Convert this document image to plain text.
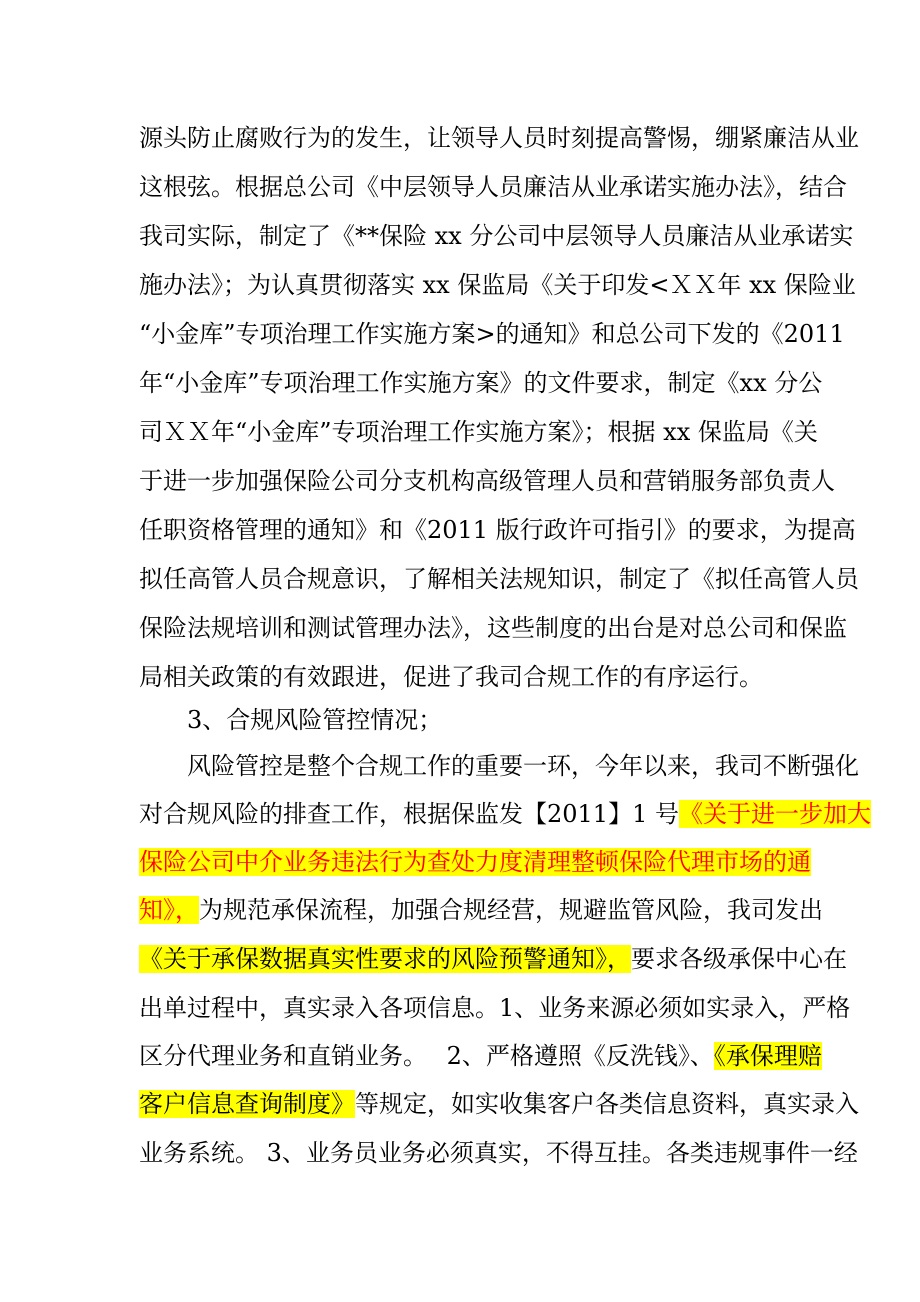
源头防止腐败行为的发生，让领导人员时刻提高警惕，绷紧廉洁从业
这根弦。根据总公司《中层领导人员廉洁从业承诺实施办法》，结合
我司实际，制定了《**保险 xx 分公司中层领导人员廉洁从业承诺实
施办法》；为认真贯彻落实 xx 保监局《关于印发<ＸＸ年 xx 保险业
“小金库”专项治理工作实施方案>的通知》和总公司下发的《2011
年“小金库”专项治理工作实施方案》的文件要求，制定《xx 分公
司ＸＸ年“小金库”专项治理工作实施方案》；根据 xx 保监局《关
于进一步加强保险公司分支机构高级管理人员和营销服务部负责人
任职资格管理的通知》和《2011 版行政许可指引》的要求，为提高
拟任高管人员合规意识，了解相关法规知识，制定了《拟任高管人员
保险法规培训和测试管理办法》，这些制度的出台是对总公司和保监
局相关政策的有效跟进，促进了我司合规工作的有序运行。
3、合规风险管控情况；
风险管控是整个合规工作的重要一环，今年以来，我司不断强化
对合规风险的排查工作，根据保监发【2011】1 号《关于进一步加大
保险公司中介业务违法行为查处力度清理整顿保险代理市场的通
知》，为规范承保流程，加强合规经营，规避监管风险，我司发出
《关于承保数据真实性要求的风险预警通知》，要求各级承保中心在
出单过程中，真实录入各项信息。1、业务来源必须如实录入，严格
区分代理业务和直销业务。　 2、严格遵照《反洗钱》、《承保理赔
客户信息查询制度》等规定，如实收集客户各类信息资料，真实录入
业务系统。 3、业务员业务必须真实，不得互挂。各类违规事件一经
